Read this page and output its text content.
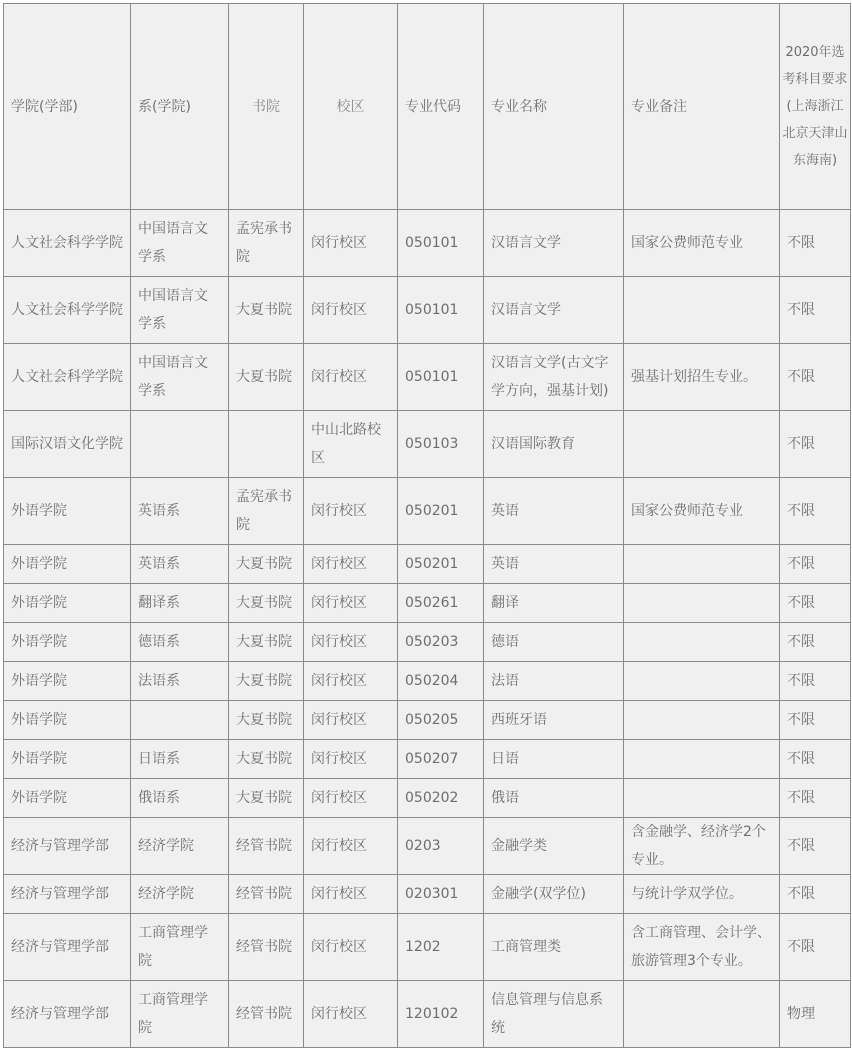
学院(学部)	系(学院)	书院	校区	专业代码	专业名称	专业备注	2020年选考科目要求(上海浙江北京天津山东海南)
人文社会科学学院	中国语言文学系	孟宪承书院	闵行校区	050101	汉语言文学	国家公费师范专业	不限
人文社会科学学院	中国语言文学系	大夏书院	闵行校区	050101	汉语言文学		不限
人文社会科学学院	中国语言文学系	大夏书院	闵行校区	050101	汉语言文学(古文字学方向，强基计划)	强基计划招生专业。	不限
国际汉语文化学院			中山北路校区	050103	汉语国际教育		不限
外语学院	英语系	孟宪承书院	闵行校区	050201	英语	国家公费师范专业	不限
外语学院	英语系	大夏书院	闵行校区	050201	英语		不限
外语学院	翻译系	大夏书院	闵行校区	050261	翻译		不限
外语学院	德语系	大夏书院	闵行校区	050203	德语		不限
外语学院	法语系	大夏书院	闵行校区	050204	法语		不限
外语学院		大夏书院	闵行校区	050205	西班牙语		不限
外语学院	日语系	大夏书院	闵行校区	050207	日语		不限
外语学院	俄语系	大夏书院	闵行校区	050202	俄语		不限
经济与管理学部	经济学院	经管书院	闵行校区	0203	金融学类	含金融学、经济学2个专业。	不限
经济与管理学部	经济学院	经管书院	闵行校区	020301	金融学(双学位)	与统计学双学位。	不限
经济与管理学部	工商管理学院	经管书院	闵行校区	1202	工商管理类	含工商管理、会计学、旅游管理3个专业。	不限
经济与管理学部	工商管理学院	经管书院	闵行校区	120102	信息管理与信息系统		物理
